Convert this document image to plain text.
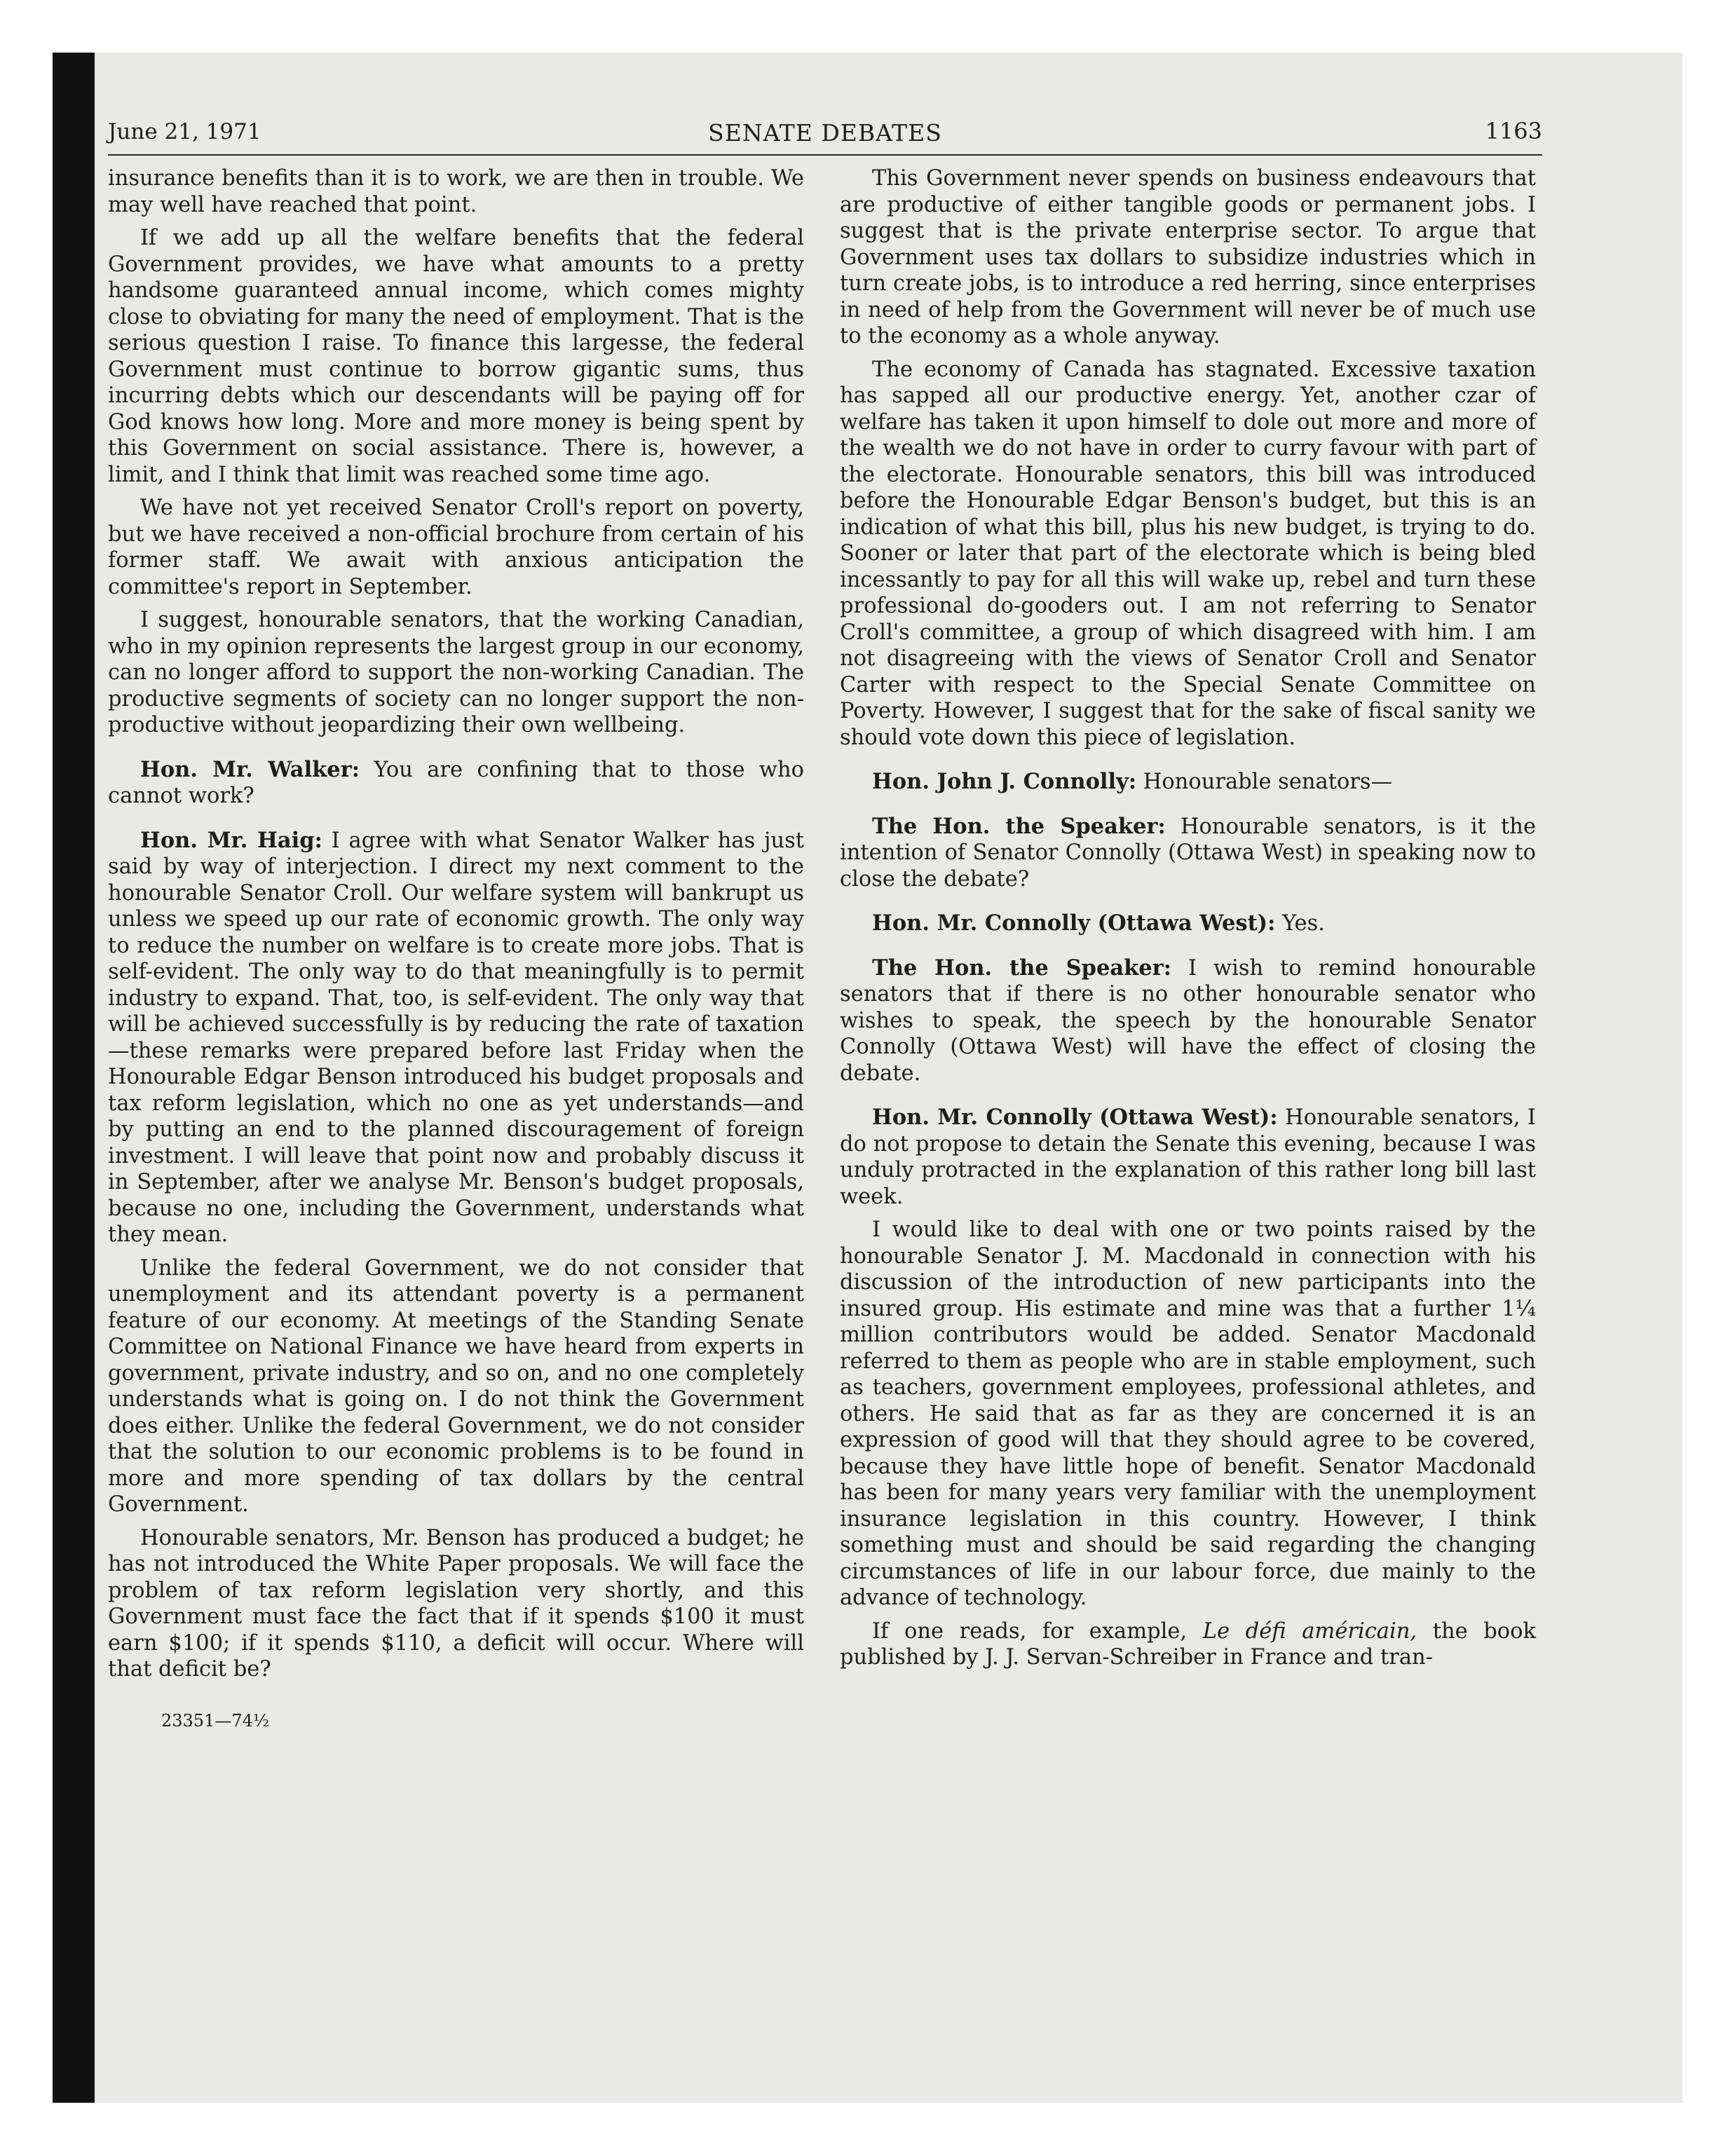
June 21, 1971	SENATE DEBATES	1163

insurance benefits than it is to work, we are then in trouble. We may well have reached that point.

If we add up all the welfare benefits that the federal Government provides, we have what amounts to a pretty handsome guaranteed annual income, which comes mighty close to obviating for many the need of employment. That is the serious question I raise. To finance this largesse, the federal Government must continue to borrow gigantic sums, thus incurring debts which our descendants will be paying off for God knows how long. More and more money is being spent by this Government on social assistance. There is, however, a limit, and I think that limit was reached some time ago.

We have not yet received Senator Croll's report on poverty, but we have received a non-official brochure from certain of his former staff. We await with anxious anticipation the committee's report in September.

I suggest, honourable senators, that the working Canadian, who in my opinion represents the largest group in our economy, can no longer afford to support the non-working Canadian. The productive segments of society can no longer support the non-productive without jeopardizing their own wellbeing.

Hon. Mr. Walker: You are confining that to those who cannot work?

Hon. Mr. Haig: I agree with what Senator Walker has just said by way of interjection. I direct my next comment to the honourable Senator Croll. Our welfare system will bankrupt us unless we speed up our rate of economic growth. The only way to reduce the number on welfare is to create more jobs. That is self-evident. The only way to do that meaningfully is to permit industry to expand. That, too, is self-evident. The only way that will be achieved successfully is by reducing the rate of taxation—these remarks were prepared before last Friday when the Honourable Edgar Benson introduced his budget proposals and tax reform legislation, which no one as yet understands—and by putting an end to the planned discouragement of foreign investment. I will leave that point now and probably discuss it in September, after we analyse Mr. Benson's budget proposals, because no one, including the Government, understands what they mean.

Unlike the federal Government, we do not consider that unemployment and its attendant poverty is a permanent feature of our economy. At meetings of the Standing Senate Committee on National Finance we have heard from experts in government, private industry, and so on, and no one completely understands what is going on. I do not think the Government does either. Unlike the federal Government, we do not consider that the solution to our economic problems is to be found in more and more spending of tax dollars by the central Government.

Honourable senators, Mr. Benson has produced a budget; he has not introduced the White Paper proposals. We will face the problem of tax reform legislation very shortly, and this Government must face the fact that if it spends $100 it must earn $100; if it spends $110, a deficit will occur. Where will that deficit be?

23351—74½

This Government never spends on business endeavours that are productive of either tangible goods or permanent jobs. I suggest that is the private enterprise sector. To argue that Government uses tax dollars to subsidize industries which in turn create jobs, is to introduce a red herring, since enterprises in need of help from the Government will never be of much use to the economy as a whole anyway.

The economy of Canada has stagnated. Excessive taxation has sapped all our productive energy. Yet, another czar of welfare has taken it upon himself to dole out more and more of the wealth we do not have in order to curry favour with part of the electorate. Honourable senators, this bill was introduced before the Honourable Edgar Benson's budget, but this is an indication of what this bill, plus his new budget, is trying to do. Sooner or later that part of the electorate which is being bled incessantly to pay for all this will wake up, rebel and turn these professional do-gooders out. I am not referring to Senator Croll's committee, a group of which disagreed with him. I am not disagreeing with the views of Senator Croll and Senator Carter with respect to the Special Senate Committee on Poverty. However, I suggest that for the sake of fiscal sanity we should vote down this piece of legislation.

Hon. John J. Connolly: Honourable senators—

The Hon. the Speaker: Honourable senators, is it the intention of Senator Connolly (Ottawa West) in speaking now to close the debate?

Hon. Mr. Connolly (Ottawa West): Yes.

The Hon. the Speaker: I wish to remind honourable senators that if there is no other honourable senator who wishes to speak, the speech by the honourable Senator Connolly (Ottawa West) will have the effect of closing the debate.

Hon. Mr. Connolly (Ottawa West): Honourable senators, I do not propose to detain the Senate this evening, because I was unduly protracted in the explanation of this rather long bill last week.

I would like to deal with one or two points raised by the honourable Senator J. M. Macdonald in connection with his discussion of the introduction of new participants into the insured group. His estimate and mine was that a further 1¼ million contributors would be added. Senator Macdonald referred to them as people who are in stable employment, such as teachers, government employees, professional athletes, and others. He said that as far as they are concerned it is an expression of good will that they should agree to be covered, because they have little hope of benefit. Senator Macdonald has been for many years very familiar with the unemployment insurance legislation in this country. However, I think something must and should be said regarding the changing circumstances of life in our labour force, due mainly to the advance of technology.

If one reads, for example, Le défi américain, the book published by J. J. Servan-Schreiber in France and tran-
